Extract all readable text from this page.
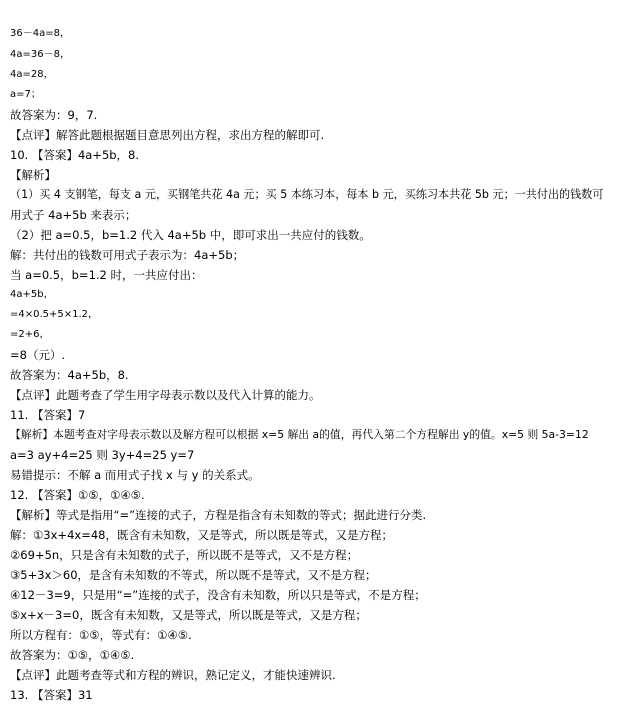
36－4a=8，
4a=36－8，
4a=28，
a=7；
故答案为：9，7.
【点评】解答此题根据题目意思列出方程，求出方程的解即可.
10. 【答案】4a+5b，8.
【解析】
（1）买 4 支钢笔，每支 a 元，买钢笔共花 4a 元；买 5 本练习本，每本 b 元，买练习本共花 5b 元；一共付出的钱数可
用式子 4a+5b 来表示；
（2）把 a=0.5，b=1.2 代入 4a+5b 中，即可求出一共应付的钱数。
解：共付出的钱数可用式子表示为：4a+5b；
当 a=0.5，b=1.2 时，一共应付出：
4a+5b，
=4×0.5+5×1.2，
=2+6，
=8（元）.
故答案为：4a+5b，8.
【点评】此题考查了学生用字母表示数以及代入计算的能力。
11. 【答案】7
【解析】本题考查对字母表示数以及解方程可以根据 x=5 解出 a的值，再代入第二个方程解出 y的值。x=5 则 5a-3=12
a=3 ay+4=25 则 3y+4=25 y=7
易错提示：不解 a 而用式子找 x 与 y 的关系式。
12. 【答案】①⑤，①④⑤.
【解析】等式是指用“=”连接的式子，方程是指含有未知数的等式；据此进行分类.
解：①3x+4x=48，既含有未知数，又是等式，所以既是等式，又是方程；
②69+5n，只是含有未知数的式子，所以既不是等式，又不是方程；
③5+3x＞60，是含有未知数的不等式，所以既不是等式，又不是方程；
④12－3=9，只是用“=”连接的式子，没含有未知数，所以只是等式，不是方程；
⑤x+x－3=0，既含有未知数，又是等式，所以既是等式，又是方程；
所以方程有：①⑤，等式有：①④⑤.
故答案为：①⑤，①④⑤.
【点评】此题考查等式和方程的辨识，熟记定义，才能快速辨识.
13. 【答案】31
